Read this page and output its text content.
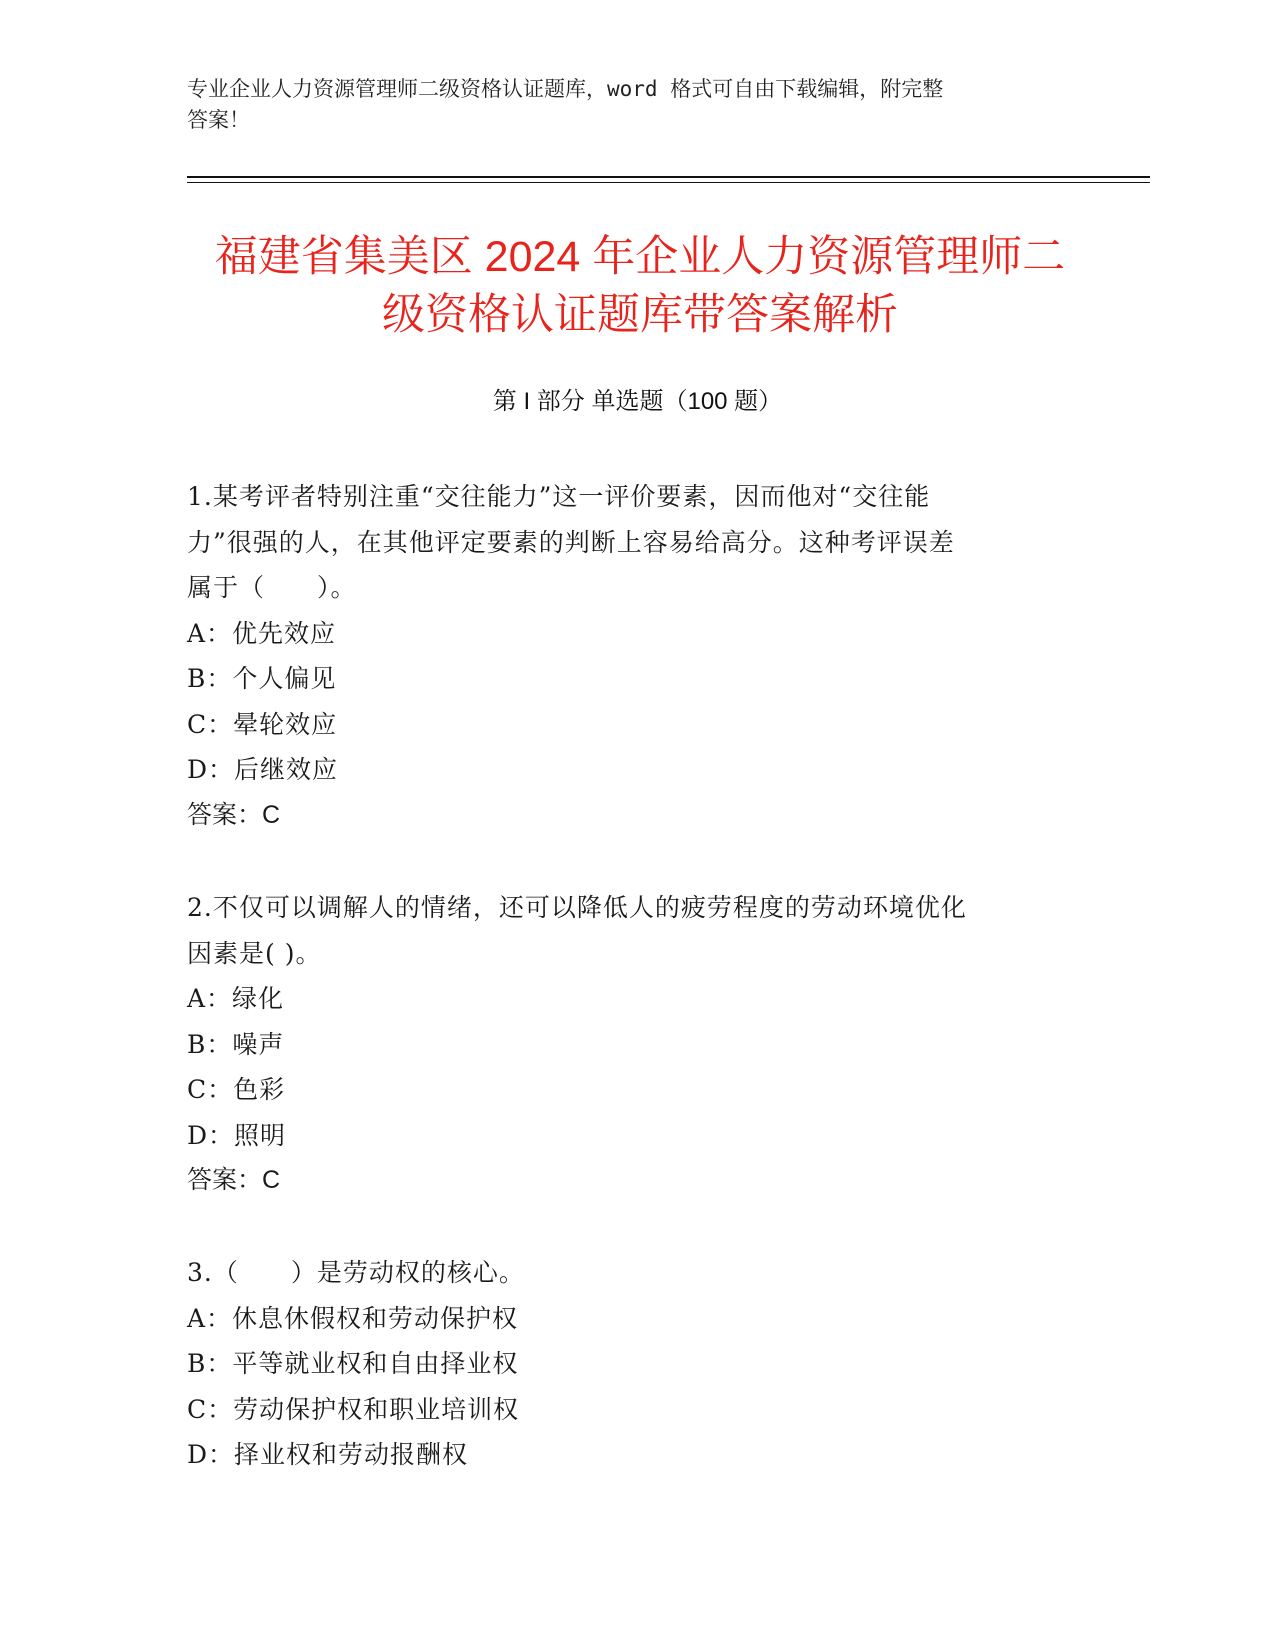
专业企业人力资源管理师二级资格认证题库，word 格式可自由下载编辑，附完整
答案！
福建省集美区 2024 年企业人力资源管理师二
级资格认证题库带答案解析
第 I 部分 单选题（100 题）

1.某考评者特别注重“交往能力”这一评价要素，因而他对“交往能

力”很强的人，在其他评定要素的判断上容易给高分。这种考评误差

属于（　　）。

A：优先效应

B：个人偏见

C：晕轮效应

D：后继效应

答案：C

2.不仅可以调解人的情绪，还可以降低人的疲劳程度的劳动环境优化

因素是( )。

A：绿化

B：噪声

C：色彩

D：照明

答案：C

3.（　　）是劳动权的核心。

A：休息休假权和劳动保护权

B：平等就业权和自由择业权

C：劳动保护权和职业培训权

D：择业权和劳动报酬权
